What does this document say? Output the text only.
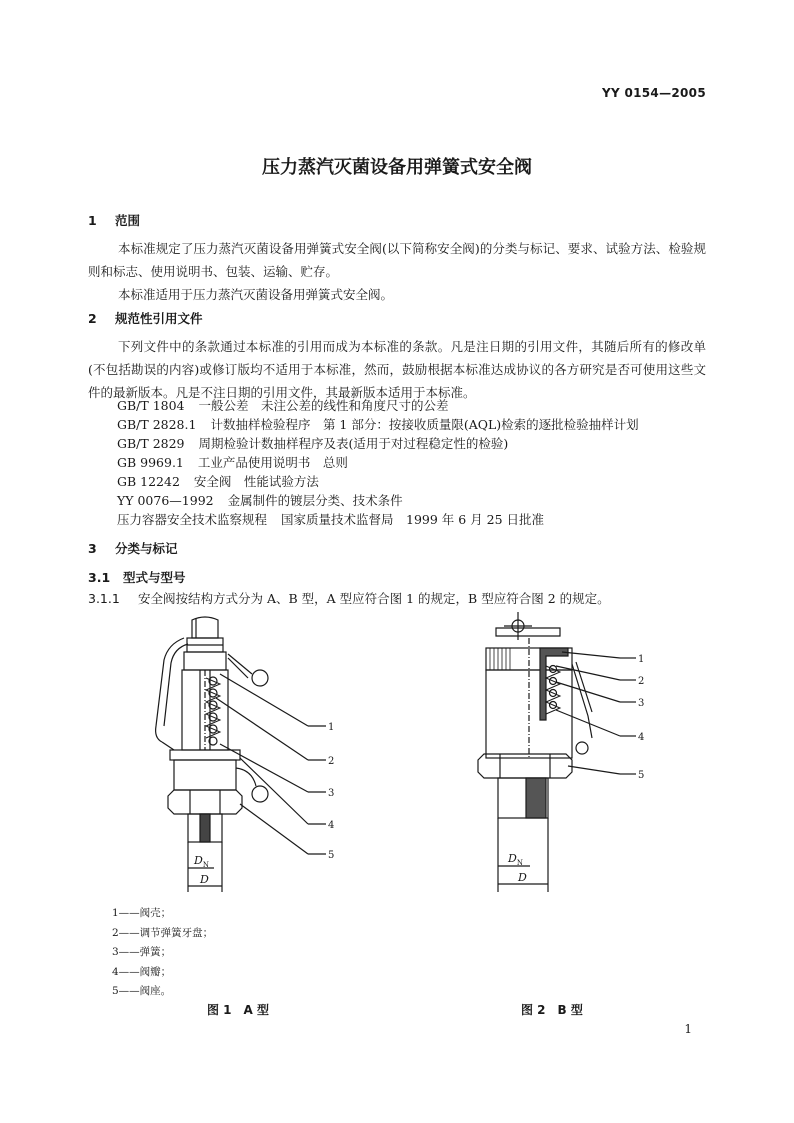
YY 0154—2005
压力蒸汽灭菌设备用弹簧式安全阀
1 范围
本标准规定了压力蒸汽灭菌设备用弹簧式安全阀(以下简称安全阀)的分类与标记、要求、试验方法、检验规则和标志、使用说明书、包装、运输、贮存。
本标准适用于压力蒸汽灭菌设备用弹簧式安全阀。
2 规范性引用文件
下列文件中的条款通过本标准的引用而成为本标准的条款。凡是注日期的引用文件，其随后所有的修改单(不包括勘误的内容)或修订版均不适用于本标准，然而，鼓励根据本标准达成协议的各方研究是否可使用这些文件的最新版本。凡是不注日期的引用文件，其最新版本适用于本标准。
GB/T 1804 一般公差　未注公差的线性和角度尺寸的公差
GB/T 2828.1 计数抽样检验程序　第 1 部分：按接收质量限(AQL)检索的逐批检验抽样计划
GB/T 2829 周期检验计数抽样程序及表(适用于对过程稳定性的检验)
GB 9969.1 工业产品使用说明书　总则
GB 12242 安全阀　性能试验方法
YY 0076—1992 金属制件的镀层分类、技术条件
压力容器安全技术监察规程 国家质量技术监督局　1999 年 6 月 25 日批准
3 分类与标记
3.1 型式与型号
3.1.1 安全阀按结构方式分为 A、B 型，A 型应符合图 1 的规定，B 型应符合图 2 的规定。
1
2
3
4
5
$D_N$
D
1
2
3
4
5
$D_N$
D
1——阀壳；
2——调节弹簧牙盘；
3——弹簧；
4——阀瓣；
5——阀座。
图 1　A 型	图 2　B 型
1
